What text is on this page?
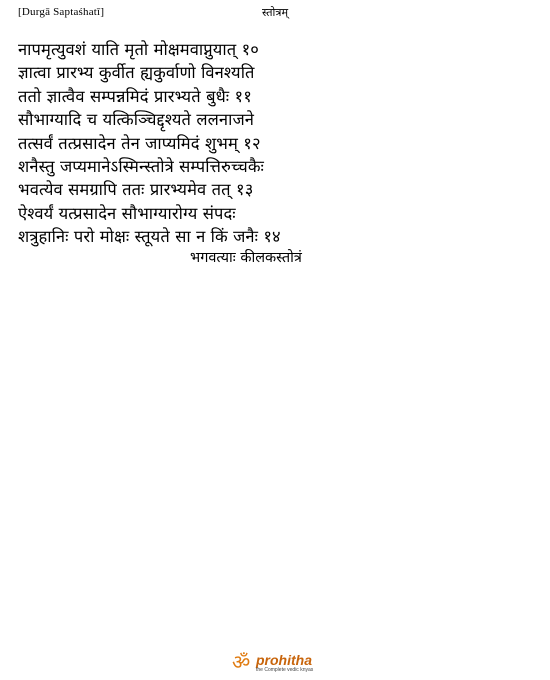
[Durgā Saptaśhatī]	स्तोत्रम्
नापमृत्युवशं याति मृतो मोक्षमवाप्नुयात् १०
ज्ञात्वा प्रारभ्य कुर्वीत ह्यकुर्वाणो विनश्यति
ततो ज्ञात्वैव सम्पन्नमिदं प्रारभ्यते बुधैः ११
सौभाग्यादि च यत्किञ्चिद्दृश्यते ललनाजने
तत्सर्वं तत्प्रसादेन तेन जाप्यमिदं शुभम् १२
शनैस्तु जप्यमानेऽस्मिन्स्तोत्रे सम्पत्तिरुच्चकैः
भवत्येव समग्रापि ततः प्रारभ्यमेव तत् १३
ऐश्वर्यं यत्प्रसादेन सौभाग्यारोग्य संपदः
शत्रुहानिः परो मोक्षः स्तूयते सा न किं जनैः १४
भगवत्याः कीलकस्तोत्रं
ॐ prohitha
the Complete vedic knyas
